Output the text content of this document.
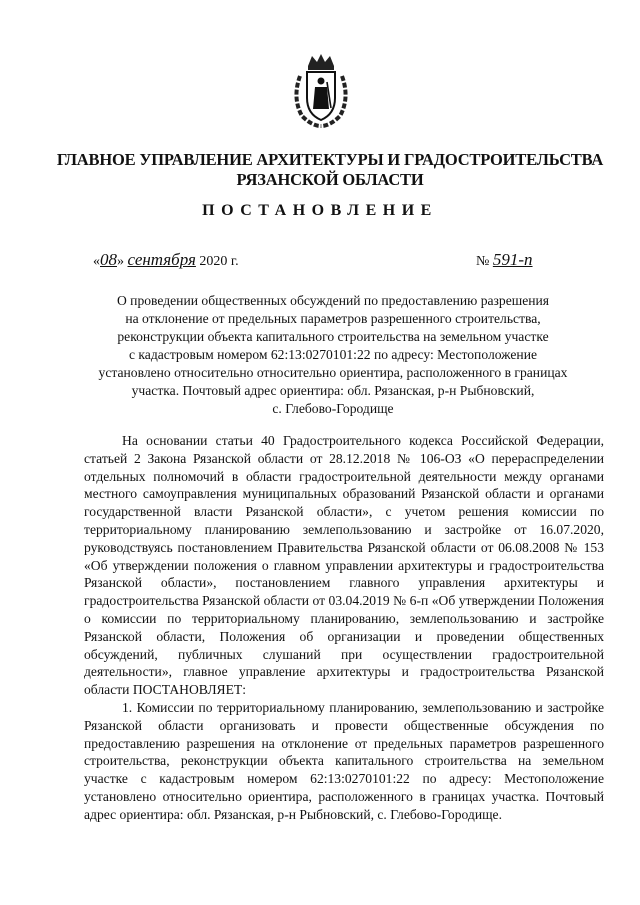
ГЛАВНОЕ УПРАВЛЕНИЕ АРХИТЕКТУРЫ И ГРАДОСТРОИТЕЛЬСТВА
РЯЗАНСКОЙ ОБЛАСТИ
ПОСТАНОВЛЕНИЕ
«08» сентября 2020 г.	№ 591-п
О проведении общественных обсуждений по предоставлению разрешения
на отклонение от предельных параметров разрешенного строительства,
реконструкции объекта капитального строительства на земельном участке
с кадастровым номером 62:13:0270101:22 по адресу: Местоположение
установлено относительно относительно ориентира, расположенного в границах
участка. Почтовый адрес ориентира: обл. Рязанская, р-н Рыбновский,
с. Глебово-Городище

На основании статьи 40 Градостроительного кодекса Российской Федерации, статьей 2 Закона Рязанской области от 28.12.2018 № 106-ОЗ «О перераспределении отдельных полномочий в области градостроительной деятельности между органами местного самоуправления муниципальных образований Рязанской области и органами государственной власти Рязанской области», с учетом решения комиссии по территориальному планированию землепользованию и застройке от 16.07.2020, руководствуясь постановлением Правительства Рязанской области от 06.08.2008 № 153 «Об утверждении положения о главном управлении архитектуры и градостроительства Рязанской области», постановлением главного управления архитектуры и градостроительства Рязанской области от 03.04.2019 № 6-п «Об утверждении Положения о комиссии по территориальному планированию, землепользованию и застройке Рязанской области, Положения об организации и проведении общественных обсуждений, публичных слушаний при осуществлении градостроительной деятельности», главное управление архитектуры и градостроительства Рязанской области ПОСТАНОВЛЯЕТ:

1. Комиссии по территориальному планированию, землепользованию и застройке Рязанской области организовать и провести общественные обсуждения по предоставлению разрешения на отклонение от предельных параметров разрешенного строительства, реконструкции объекта капитального строительства на земельном участке с кадастровым номером 62:13:0270101:22 по адресу: Местоположение установлено относительно ориентира, расположенного в границах участка. Почтовый адрес ориентира: обл. Рязанская, р-н Рыбновский, с. Глебово-Городище.
